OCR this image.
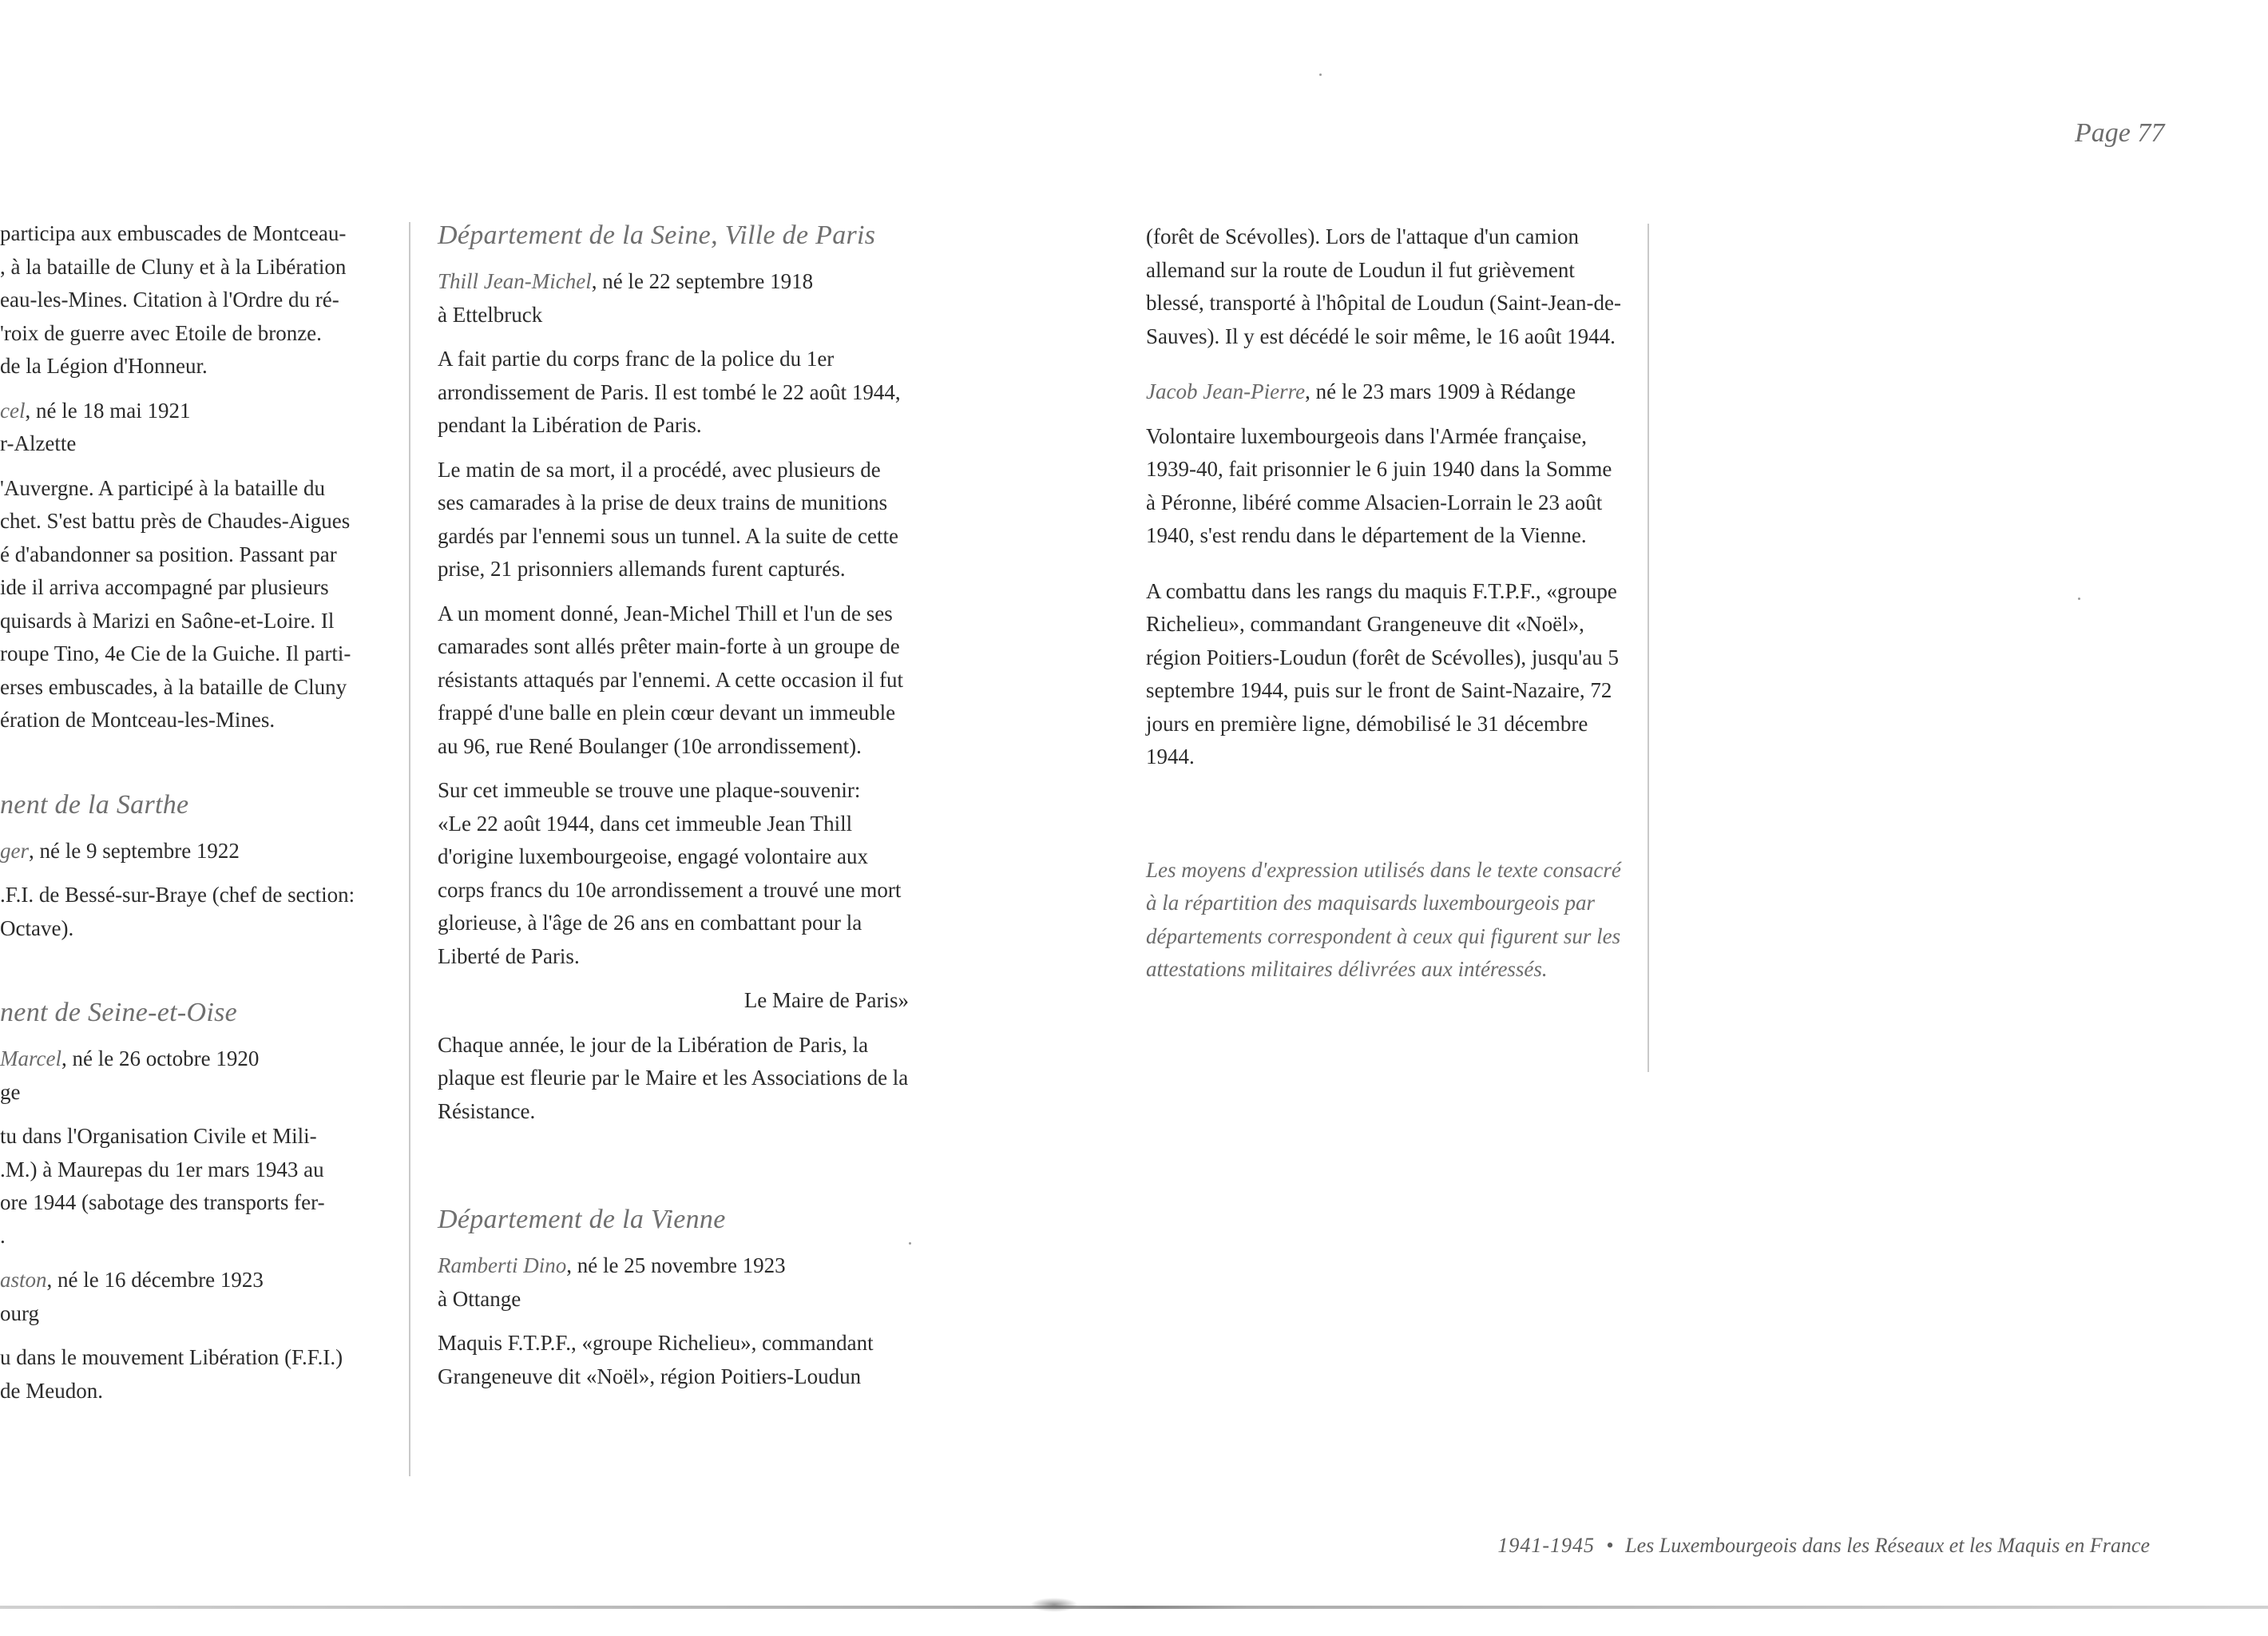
Page 77
participa aux embuscades de Montceau-
, à la bataille de Cluny et à la Libération
eau-les-Mines. Citation à l'Ordre du ré-
'roix de guerre avec Etoile de bronze.
de la Légion d'Honneur.
cel, né le 18 mai 1921
r-Alzette
'Auvergne. A participé à la bataille du
chet. S'est battu près de Chaudes-Aigues
é d'abandonner sa position. Passant par
ide il arriva accompagné par plusieurs
quisards à Marizi en Saône-et-Loire. Il
roupe Tino, 4e Cie de la Guiche. Il parti-
erses embuscades, à la bataille de Cluny
ération de Montceau-les-Mines.
nent de la Sarthe
ger, né le 9 septembre 1922
.F.I. de Bessé-sur-Braye (chef de section:
Octave).
nent de Seine-et-Oise
Marcel, né le 26 octobre 1920
ge
tu dans l'Organisation Civile et Mili-
.M.) à Maurepas du 1er mars 1943 au
ore 1944 (sabotage des transports fer-
.
aston, né le 16 décembre 1923
ourg
u dans le mouvement Libération (F.F.I.)
de Meudon.

Département de la Seine, Ville de Paris

Thill Jean-Michel, né le 22 septembre 1918

à Ettelbruck

A fait partie du corps franc de la police du 1er arrondissement de Paris. Il est tombé le 22 août 1944, pendant la Libération de Paris.

Le matin de sa mort, il a procédé, avec plusieurs de ses camarades à la prise de deux trains de munitions gardés par l'ennemi sous un tunnel. A la suite de cette prise, 21 prisonniers allemands furent capturés.

A un moment donné, Jean-Michel Thill et l'un de ses camarades sont allés prêter main-forte à un groupe de résistants attaqués par l'ennemi. A cette occasion il fut frappé d'une balle en plein cœur devant un immeuble au 96, rue René Boulanger (10e arrondissement).

Sur cet immeuble se trouve une plaque-souvenir:

«Le 22 août 1944, dans cet immeuble Jean Thill d'origine luxembourgeoise, engagé volontaire aux corps francs du 10e arrondissement a trouvé une mort glorieuse, à l'âge de 26 ans en combattant pour la Liberté de Paris.

Le Maire de Paris»

Chaque année, le jour de la Libération de Paris, la plaque est fleurie par le Maire et les Associations de la Résistance.

Département de la Vienne

Ramberti Dino, né le 25 novembre 1923

à Ottange

Maquis F.T.P.F., «groupe Richelieu», commandant Grangeneuve dit «Noël», région Poitiers-Loudun

(forêt de Scévolles). Lors de l'attaque d'un camion allemand sur la route de Loudun il fut grièvement blessé, transporté à l'hôpital de Loudun (Saint-Jean-de-Sauves). Il y est décédé le soir même, le 16 août 1944.

Jacob Jean-Pierre, né le 23 mars 1909 à Rédange

Volontaire luxembourgeois dans l'Armée française, 1939-40, fait prisonnier le 6 juin 1940 dans la Somme à Péronne, libéré comme Alsacien-Lorrain le 23 août 1940, s'est rendu dans le département de la Vienne.

A combattu dans les rangs du maquis F.T.P.F., «groupe Richelieu», commandant Grangeneuve dit «Noël», région Poitiers-Loudun (forêt de Scévolles), jusqu'au 5 septembre 1944, puis sur le front de Saint-Nazaire, 72 jours en première ligne, démobilisé le 31 décembre 1944.

Les moyens d'expression utilisés dans le texte consacré à la répartition des maquisards luxembourgeois par départements correspondent à ceux qui figurent sur les attestations militaires délivrées aux intéressés.

1941-1945 • Les Luxembourgeois dans les Réseaux et les Maquis en France
